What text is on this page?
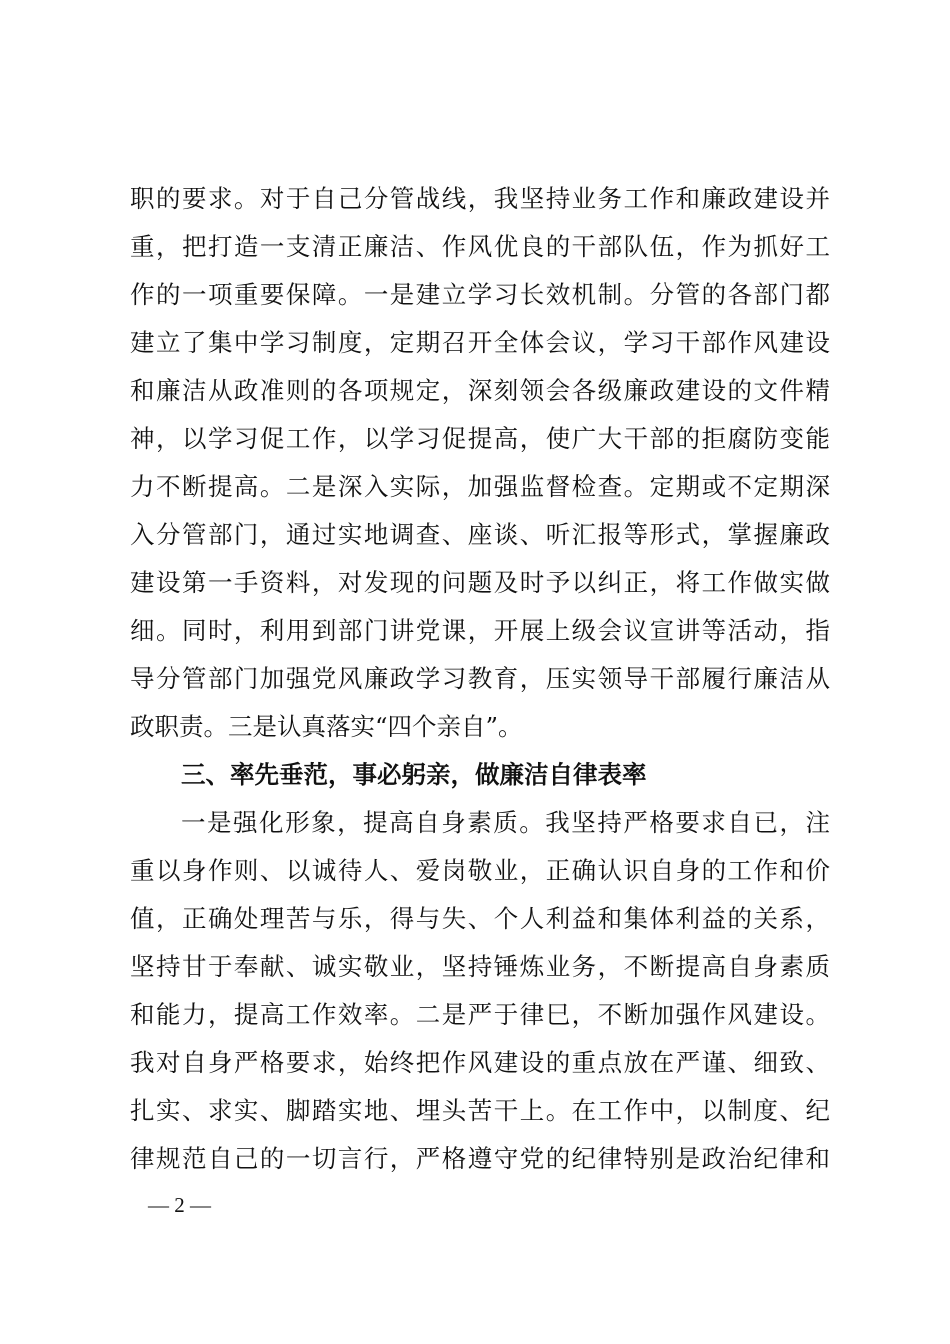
职的要求。对于自己分管战线，我坚持业务工作和廉政建设并
重，把打造一支清正廉洁、作风优良的干部队伍，作为抓好工
作的一项重要保障。一是建立学习长效机制。分管的各部门都
建立了集中学习制度，定期召开全体会议，学习干部作风建设
和廉洁从政准则的各项规定，深刻领会各级廉政建设的文件精
神，以学习促工作，以学习促提高，使广大干部的拒腐防变能
力不断提高。二是深入实际，加强监督检查。定期或不定期深
入分管部门，通过实地调查、座谈、听汇报等形式，掌握廉政
建设第一手资料，对发现的问题及时予以纠正，将工作做实做
细。同时，利用到部门讲党课，开展上级会议宣讲等活动，指
导分管部门加强党风廉政学习教育，压实领导干部履行廉洁从
政职责。三是认真落实“四个亲自”。
三、率先垂范，事必躬亲，做廉洁自律表率
一是强化形象，提高自身素质。我坚持严格要求自已，注
重以身作则、以诚待人、爱岗敬业，正确认识自身的工作和价
值，正确处理苦与乐，得与失、个人利益和集体利益的关系，
坚持甘于奉献、诚实敬业，坚持锤炼业务，不断提高自身素质
和能力，提高工作效率。二是严于律巳，不断加强作风建设。
我对自身严格要求，始终把作风建设的重点放在严谨、细致、
扎实、求实、脚踏实地、埋头苦干上。在工作中，以制度、纪
律规范自己的一切言行，严格遵守党的纪律特别是政治纪律和
— 2 —
